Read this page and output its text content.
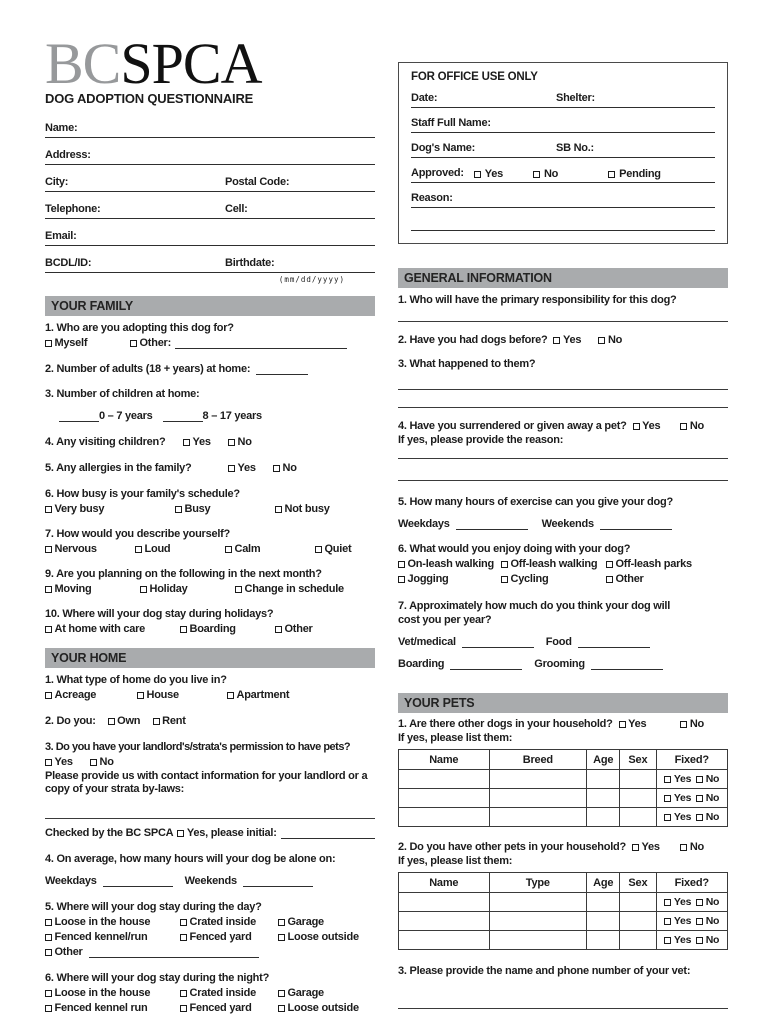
BCSPCA
DOG ADOPTION QUESTIONNAIRE
Name:
Address:
City:	Postal Code:
Telephone:	Cell:
Email:
BCDL/ID:	Birthdate:
(mm/dd/yyyy)
YOUR FAMILY
1. Who are you adopting this dog for?
Myself	Other:
2. Number of adults (18 + years) at home:
3. Number of children at home:
0 – 7 years	8 – 17 years
4. Any visiting children?	Yes No
5. Any allergies in the family?	Yes No
6. How busy is your family's schedule?
Very busy	Busy	Not busy
7. How would you describe yourself?
Nervous	Loud	Calm	Quiet
9. Are you planning on the following in the next month?
Moving	Holiday	Change in schedule
10. Where will your dog stay during holidays?
At home with care	Boarding	Other
YOUR HOME
1. What type of home do you live in?
Acreage	House	Apartment
2. Do you: Own Rent
3. Do you have your landlord's/strata's permission to have pets?
Yes No
Please provide us with contact information for your landlord or a copy of your strata by-laws:
Checked by the BC SPCA Yes, please initial:
4. On average, how many hours will your dog be alone on:
Weekdays	Weekends
5. Where will your dog stay during the day?
Loose in the house	Crated inside	Garage
Fenced kennel/run	Fenced yard	Loose outside
Other
6. Where will your dog stay during the night?
Loose in the house	Crated inside	Garage
Fenced kennel run	Fenced yard	Loose outside
FOR OFFICE USE ONLY
Date:	Shelter:
Staff Full Name:
Dog's Name:	SB No.:
Approved: Yes	No	Pending
Reason:
GENERAL INFORMATION
1. Who will have the primary responsibility for this dog?
2. Have you had dogs before? Yes No
3. What happened to them?
4. Have you surrendered or given away a pet? Yes	No
If yes, please provide the reason:
5. How many hours of exercise can you give your dog?
Weekdays	Weekends
6. What would you enjoy doing with your dog?
On-leash walking Off-leash walking Off-leash parks
Jogging	Cycling	Other
7. Approximately how much do you think your dog will
cost you per year?
Vet/medical	Food
Boarding	Grooming
YOUR PETS
1. Are there other dogs in your household? Yes	No
If yes, please list them:
Name	Breed	Age	Sex	Fixed?

				Yes No

				Yes No

				Yes No
2. Do you have other pets in your household? Yes	No
If yes, please list them:
Name	Type	Age	Sex	Fixed?

				Yes No

				Yes No

				Yes No
3. Please provide the name and phone number of your vet:
